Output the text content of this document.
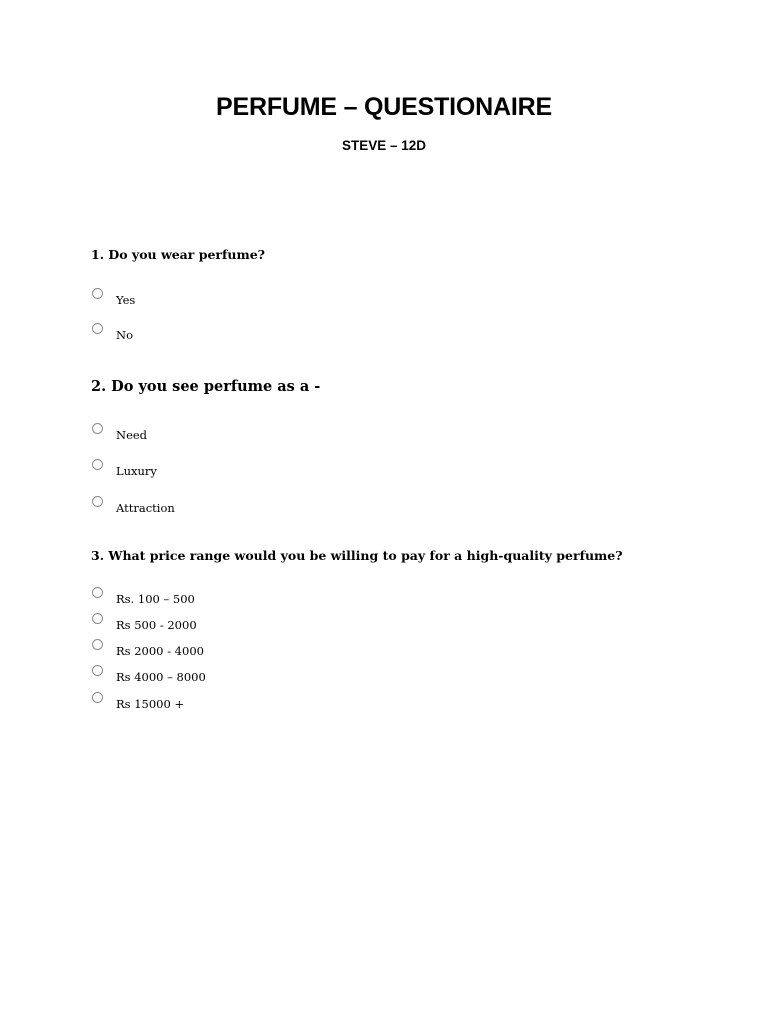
PERFUME – QUESTIONAIRE
STEVE – 12D
1. Do you wear perfume?
Yes
No
2. Do you see perfume as a -
Need
Luxury
Attraction
3. What price range would you be willing to pay for a high-quality perfume?
Rs. 100 – 500
Rs 500 - 2000
Rs 2000 - 4000
Rs 4000 – 8000
Rs 15000 +
